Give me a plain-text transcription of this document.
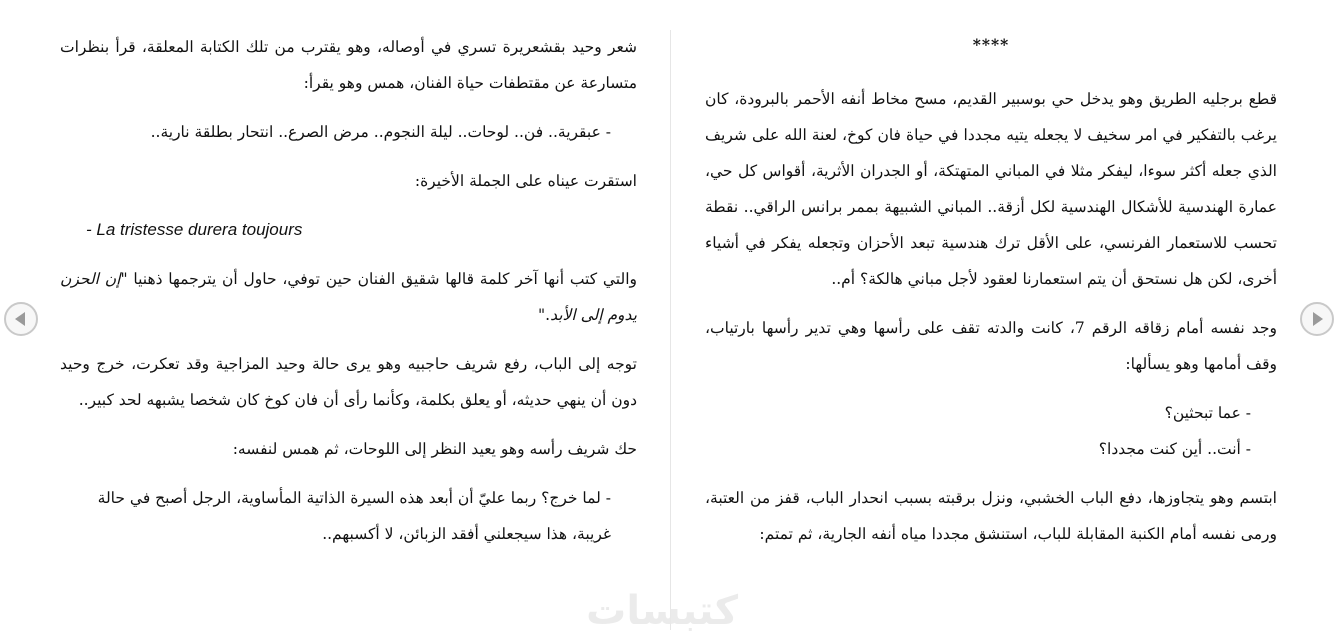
شعر وحيد بقشعريرة تسري في أوصاله، وهو يقترب من تلك الكتابة المعلقة، قرأ بنظرات متسارعة عن مقتطفات حياة الفنان، همس وهو يقرأ:

- عبقرية.. فن.. لوحات.. ليلة النجوم.. مرض الصرع.. انتحار بطلقة نارية..

استقرت عيناه على الجملة الأخيرة:

- La tristesse durera toujours

والتي كتب أنها آخر كلمة قالها شقيق الفنان حين توفي، حاول أن يترجمها ذهنيا "إن الحزن يدوم إلى الأبد."

توجه إلى الباب، رفع شريف حاجبيه وهو يرى حالة وحيد المزاجية وقد تعكرت، خرج وحيد دون أن ينهي حديثه، أو يعلق بكلمة، وكأنما رأى أن فان كوخ كان شخصا يشبهه لحد كبير..

حك شريف رأسه وهو يعيد النظر إلى اللوحات، ثم همس لنفسه:

- لما خرج؟ ربما عليّ أن أبعد هذه السيرة الذاتية المأساوية، الرجل أصبح في حالة غريبة، هذا سيجعلني أفقد الزبائن، لا أكسبهم..

****

قطع برجليه الطريق وهو يدخل حي بوسبير القديم، مسح مخاط أنفه الأحمر بالبرودة، كان يرغب بالتفكير في امر سخيف لا يجعله يتيه مجددا في حياة فان كوخ، لعنة الله على شريف الذي جعله أكثر سوءا، ليفكر مثلا في المباني المتهتكة، أو الجدران الأثرية، أقواس كل حي، عمارة الهندسية للأشكال الهندسية لكل أزقة.. المباني الشبيهة بممر برانس الراقي.. نقطة تحسب للاستعمار الفرنسي، على الأقل ترك هندسية تبعد الأحزان وتجعله يفكر في أشياء أخرى، لكن هل نستحق أن يتم استعمارنا لعقود لأجل مباني هالكة؟ أم..

وجد نفسه أمام زقاقه الرقم 7، كانت والدته تقف على رأسها وهي تدير رأسها بارتياب، وقف أمامها وهو يسألها:

- عما تبحثين؟

- أنت.. أين كنت مجددا؟

ابتسم وهو يتجاوزها، دفع الباب الخشبي، ونزل برقبته بسبب انحدار الباب، قفز من العتبة، ورمى نفسه أمام الكنبة المقابلة للباب، استنشق مجددا مياه أنفه الجارية، ثم تمتم:

كتبسات
